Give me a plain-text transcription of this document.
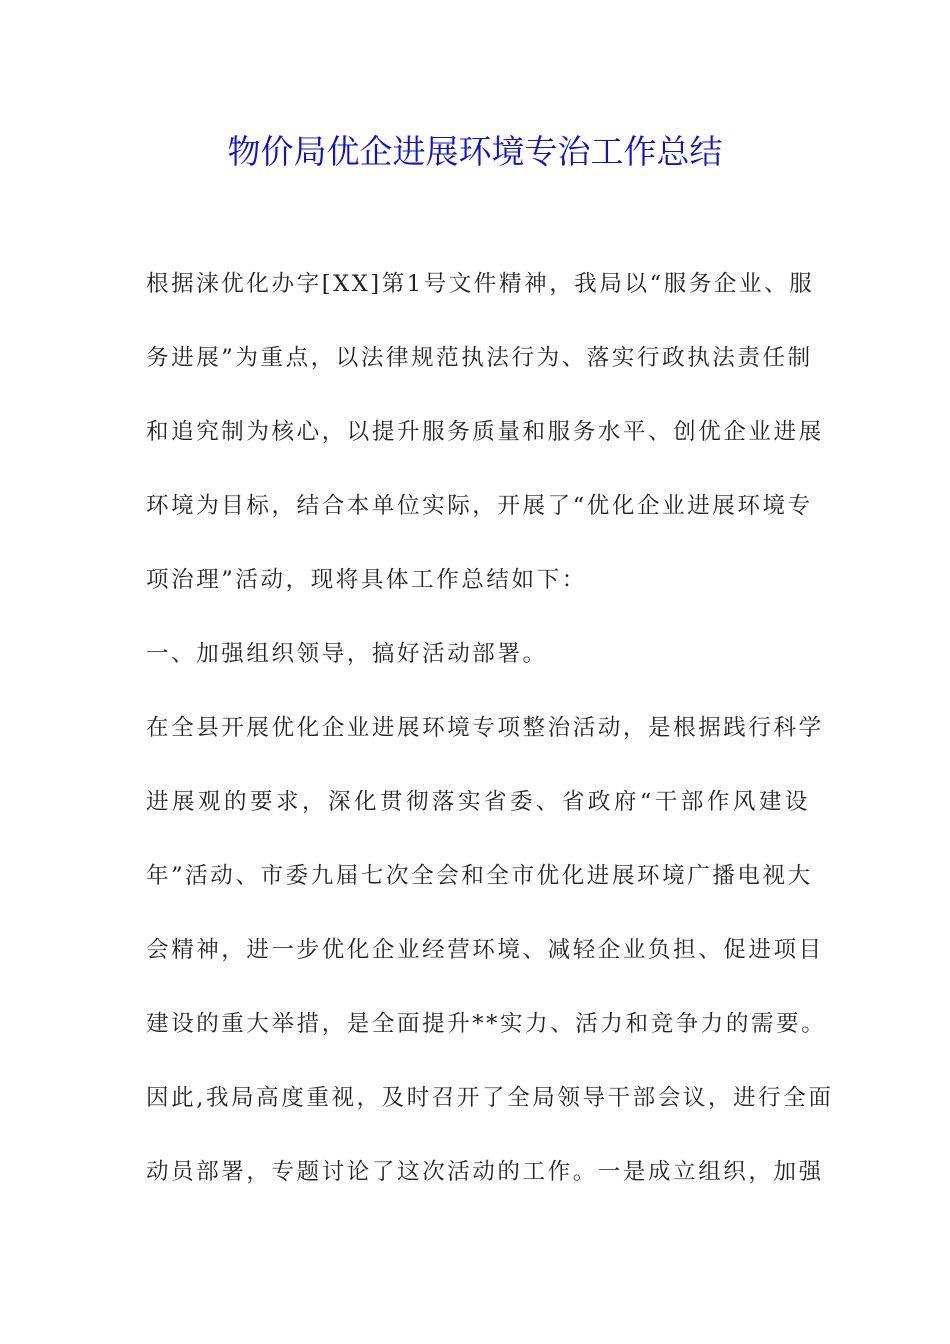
物价局优企进展环境专治工作总结
根据涞优化办字[XX]第1号文件精神，我局以“服务企业、服
务进展”为重点，以法律规范执法行为、落实行政执法责任制
和追究制为核心，以提升服务质量和服务水平、创优企业进展
环境为目标，结合本单位实际，开展了“优化企业进展环境专
项治理”活动，现将具体工作总结如下：
一、加强组织领导，搞好活动部署。
在全县开展优化企业进展环境专项整治活动，是根据践行科学
进展观的要求，深化贯彻落实省委、省政府“干部作风建设
年”活动、市委九届七次全会和全市优化进展环境广播电视大
会精神，进一步优化企业经营环境、减轻企业负担、促进项目
建设的重大举措，是全面提升**实力、活力和竞争力的需要。
因此,我局高度重视，及时召开了全局领导干部会议，进行全面
动员部署，专题讨论了这次活动的工作。一是成立组织，加强
